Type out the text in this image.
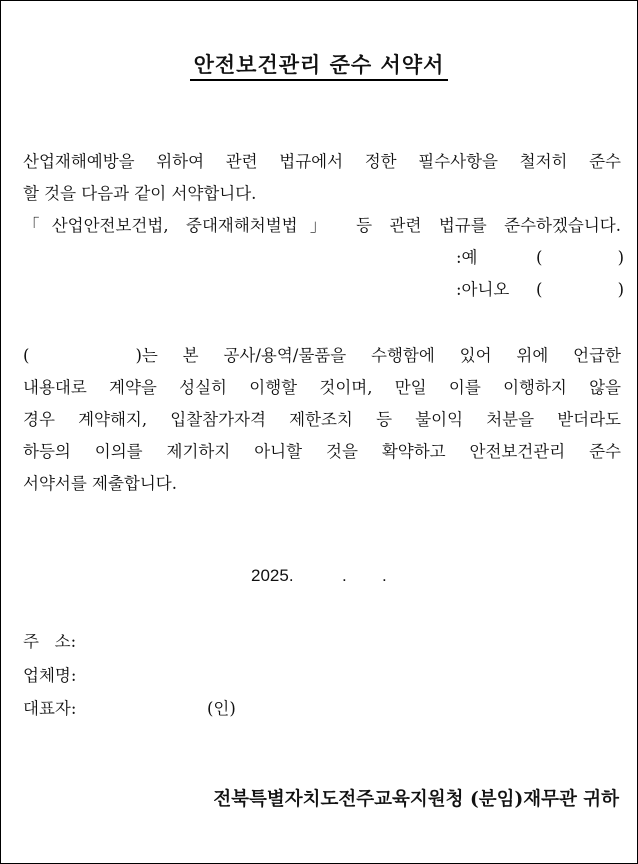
안전보건관리 준수 서약서
산업재해예방을 위하여 관련 법규에서 정한 필수사항을 철저히 준수
할 것을 다음과 같이 서약합니다.
「산업안전보건법, 중대재해처벌법」 등 관련 법규를 준수하겠습니다.
:예	(	)
:아니오 (	)
(	)는 본 공사/용역/물품을 수행함에 있어 위에 언급한
내용대로 계약을 성실히 이행할 것이며, 만일 이를 이행하지 않을
경우 계약해지, 입찰참가자격 제한조치 등 불이익 처분을 받더라도
하등의 이의를 제기하지 아니할 것을 확약하고 안전보건관리 준수
서약서를 제출합니다.
2025.	. .
주   소:
업체명:
대표자:	(인)
전북특별자치도전주교육지원청 (분임)재무관 귀하
